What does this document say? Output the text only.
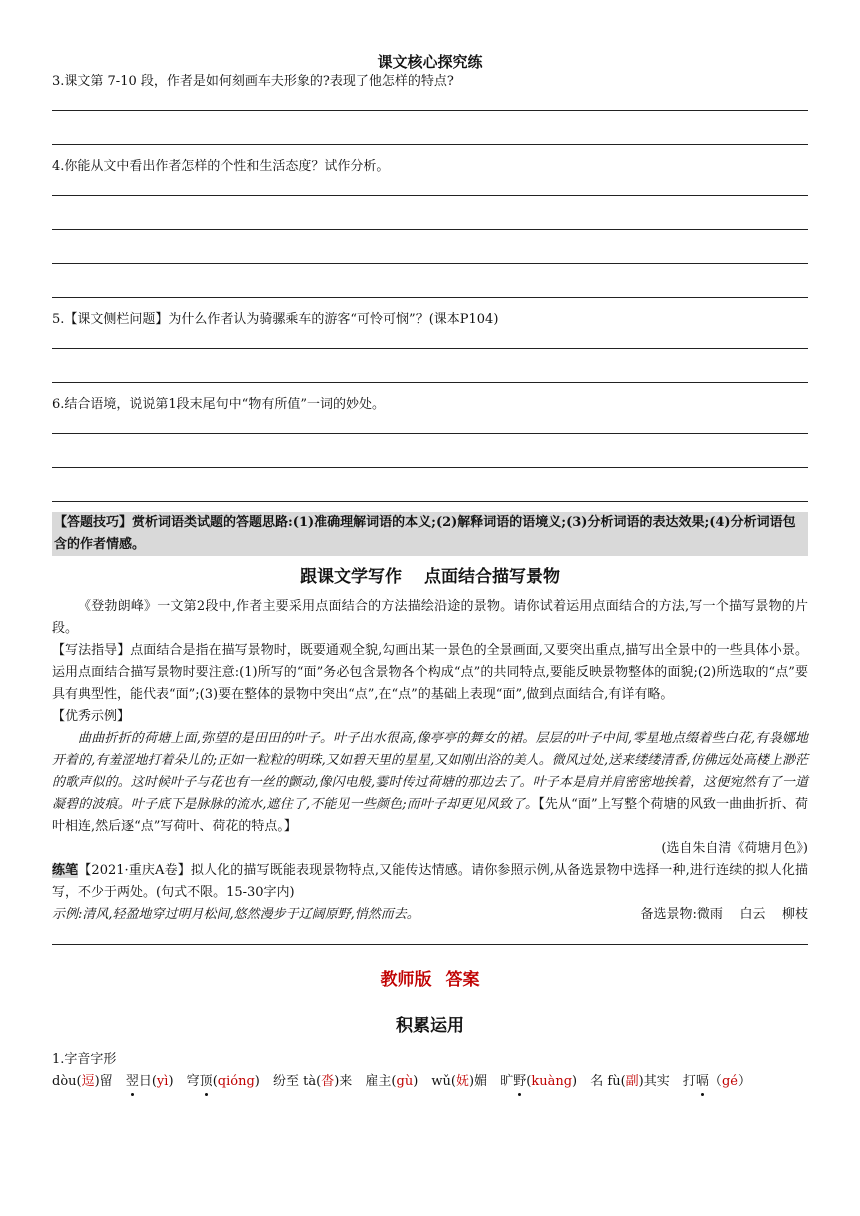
课文核心探究练

3.课文第 7-10 段，作者是如何刻画车夫形象的?表现了他怎样的特点?

4.你能从文中看出作者怎样的个性和生活态度？试作分析。

5.【课文侧栏问题】为什么作者认为骑骡乘车的游客“可怜可悯”？(课本P104)

6.结合语境，说说第1段末尾句中“物有所值”一词的妙处。

【答题技巧】赏析词语类试题的答题思路:(1)准确理解词语的本义;(2)解释词语的语境义;(3)分析词语的表达效果;(4)分析词语包含的作者情感。
跟课文学写作 点面结合描写景物

《登勃朗峰》一文第2段中,作者主要采用点面结合的方法描绘沿途的景物。请你试着运用点面结合的方法,写一个描写景物的片段。

【写法指导】点面结合是指在描写景物时，既要通观全貌,勾画出某一景色的全景画面,又要突出重点,描写出全景中的一些具体小景。运用点面结合描写景物时要注意:(1)所写的“面”务必包含景物各个构成“点”的共同特点,要能反映景物整体的面貌;(2)所选取的“点”要具有典型性，能代表“面”;(3)要在整体的景物中突出“点”,在“点”的基础上表现“面”,做到点面结合,有详有略。

【优秀示例】

曲曲折折的荷塘上面,弥望的是田田的叶子。叶子出水很高,像亭亭的舞女的裙。层层的叶子中间,零星地点缀着些白花,有袅娜地开着的,有羞涩地打着朵儿的;正如一粒粒的明珠,又如碧天里的星星,又如刚出浴的美人。微风过处,送来缕缕清香,仿佛远处高楼上渺茫的歌声似的。这时候叶子与花也有一丝的颤动,像闪电般,霎时传过荷塘的那边去了。叶子本是肩并肩密密地挨着，这便宛然有了一道凝碧的波痕。叶子底下是脉脉的流水,遮住了,不能见一些颜色;而叶子却更见风致了。【先从“面”上写整个荷塘的风致一曲曲折折、荷叶相连,然后逐“点”写荷叶、荷花的特点。】

(选自朱自清《荷塘月色》)

练笔【2021·重庆A卷】拟人化的描写既能表现景物特点,又能传达情感。请你参照示例,从备选景物中选择一种,进行连续的拟人化描写，不少于两处。(句式不限。15-30字内)

示例:清风,轻盈地穿过明月松间,悠然漫步于辽阔原野,悄然而去。	备选景物:微雨 白云 柳枝
教师版 答案
积累运用

1.字音字形

dòu(逗)留 翌日(yì) 穹顶(qióng) 纷至 tà(沓)来 雇主(gù) wǔ(妩)媚 旷野(kuàng) 名 fù(副)其实 打嗝（gé）
